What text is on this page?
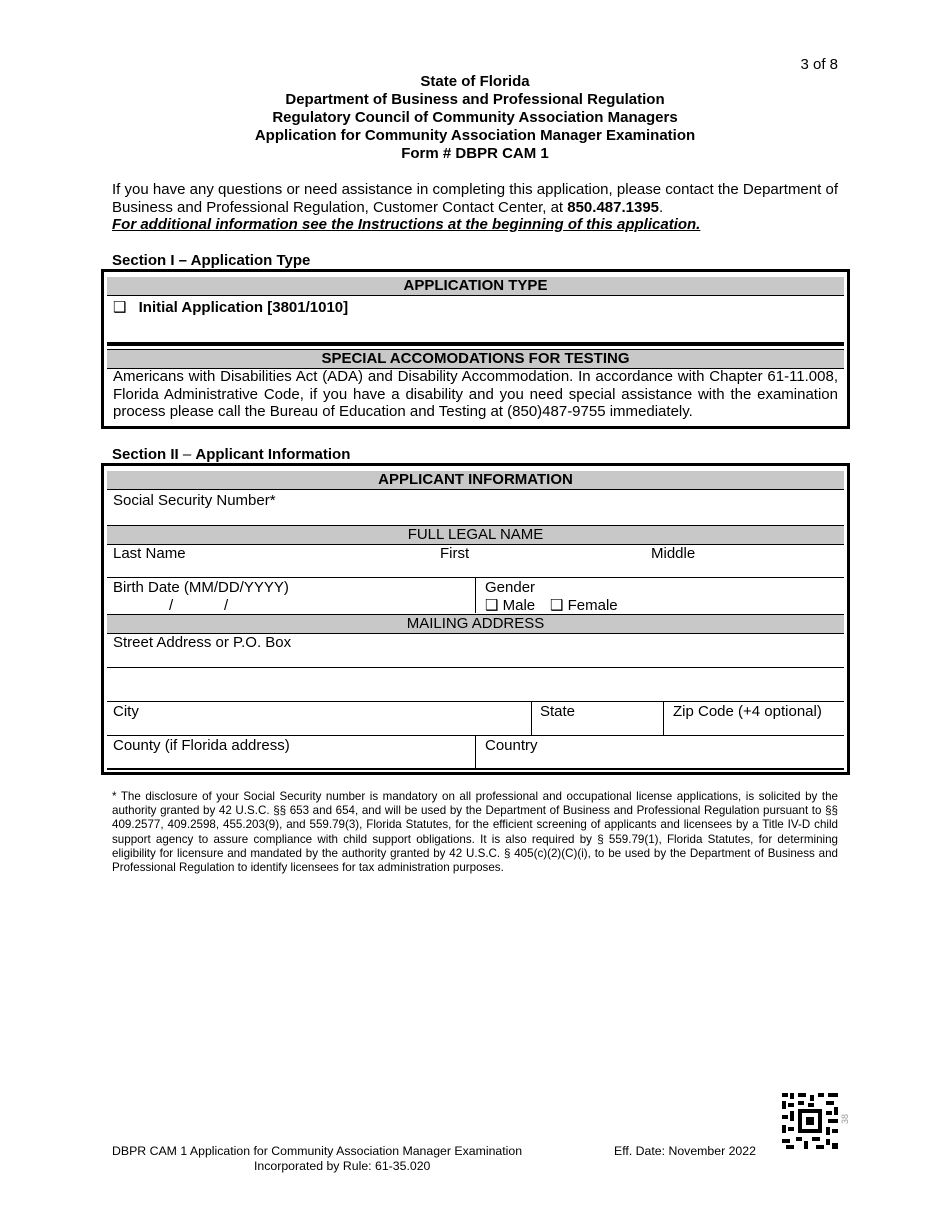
3 of 8
State of Florida
Department of Business and Professional Regulation
Regulatory Council of Community Association Managers
Application for Community Association Manager Examination
Form # DBPR CAM 1
If you have any questions or need assistance in completing this application, please contact the Department of Business and Professional Regulation, Customer Contact Center, at 850.487.1395.
For additional information see the Instructions at the beginning of this application.
Section I – Application Type
APPLICATION TYPE
❑ Initial Application [3801/1010]
SPECIAL ACCOMODATIONS FOR TESTING
Americans with Disabilities Act (ADA) and Disability Accommodation. In accordance with Chapter 61-11.008, Florida Administrative Code, if you have a disability and you need special assistance with the examination process please call the Bureau of Education and Testing at (850)487-9755 immediately.
Section II – Applicant Information
APPLICANT INFORMATION
Social Security Number*
FULL LEGAL NAME
Last Name	First	Middle
Birth Date (MM/DD/YYYY)
/	/
Gender
❑ Male ❑ Female
MAILING ADDRESS
Street Address or P.O. Box
City	State	Zip Code (+4 optional)
County (if Florida address)	Country
* The disclosure of your Social Security number is mandatory on all professional and occupational license applications, is solicited by the authority granted by 42 U.S.C. §§ 653 and 654, and will be used by the Department of Business and Professional Regulation pursuant to §§ 409.2577, 409.2598, 455.203(9), and 559.79(3), Florida Statutes, for the efficient screening of applicants and licensees by a Title IV-D child support agency to assure compliance with child support obligations. It is also required by § 559.79(1), Florida Statutes, for determining eligibility for licensure and mandated by the authority granted by 42 U.S.C. § 405(c)(2)(C)(i), to be used by the Department of Business and Professional Regulation to identify licensees for tax administration purposes.
38
DBPR CAM 1 Application for Community Association Manager Examination
Incorporated by Rule: 61-35.020
Eff. Date: November 2022
